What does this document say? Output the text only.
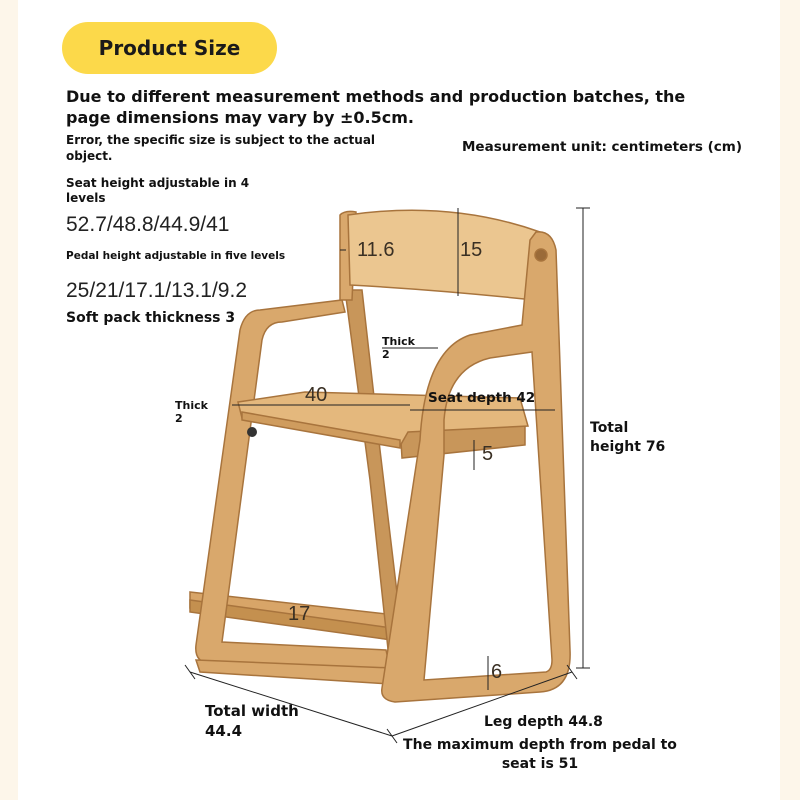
Product Size
Due to different measurement methods and production batches, the page dimensions may vary by ±0.5cm.
Error, the specific size is subject to the actual object.
Measurement unit: centimeters (cm)
Seat height adjustable in 4 levels
52.7/48.8/44.9/41
Pedal height adjustable in five levels
25/21/17.1/13.1/9.2
Soft pack thickness 3
11.6	15
Thick 2
Thick 2
40	Seat depth 42
5
Total height 76
17
6
Total width 44.4	Leg depth 44.8
The maximum depth from pedal to seat is 51
